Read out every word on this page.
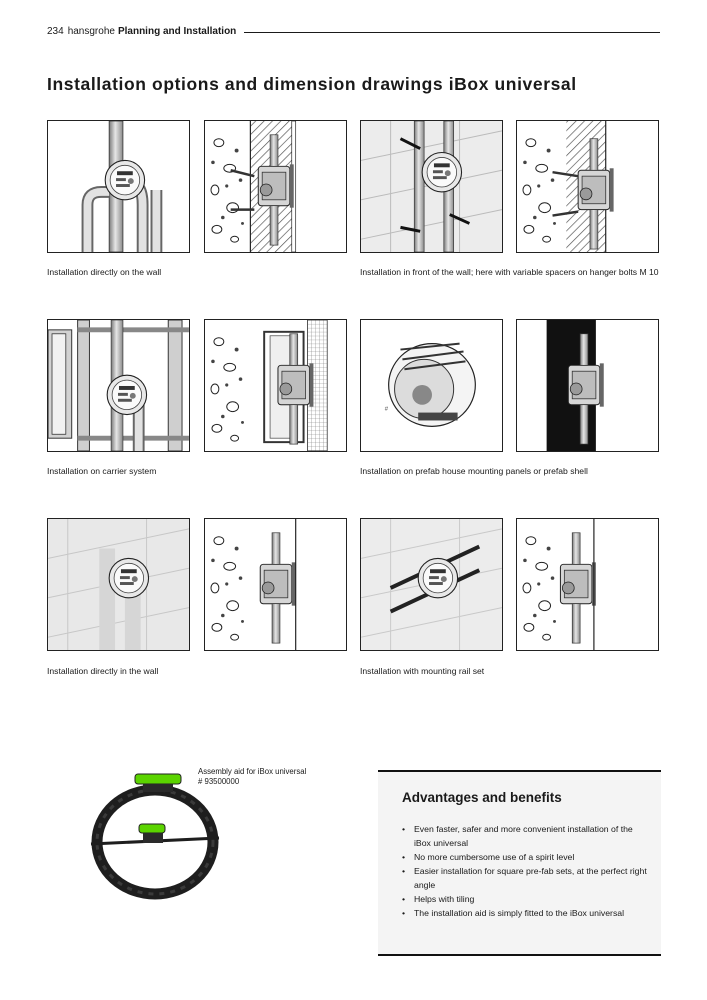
234 hansgrohe Planning and Installation
Installation options and dimension drawings iBox universal
Installation directly on the wall	Installation in front of the wall; here with variable spacers on hanger bolts M 10
#
Installation on carrier system	Installation on prefab house mounting panels or prefab shell
Installation directly in the wall	Installation with mounting rail set
Assembly aid for iBox universal
# 93500000
Advantages and benefits
• Even faster, safer and more convenient installation of the iBox universal
• No more cumbersome use of a spirit level
• Easier installation for square pre-fab sets, at the perfect right angle
• Helps with tiling
• The installation aid is simply fitted to the iBox universal
